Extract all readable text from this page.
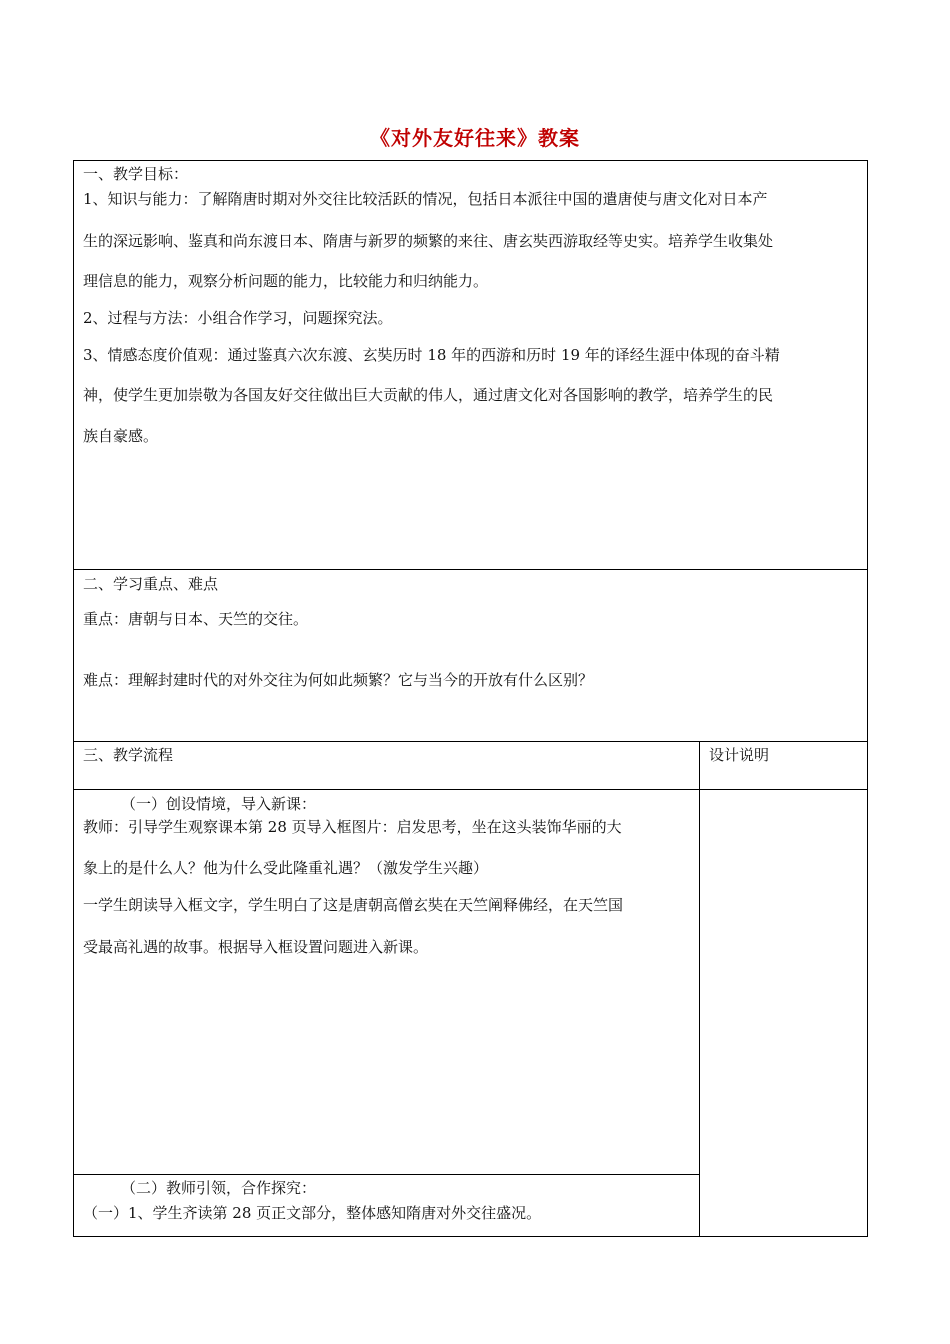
《对外友好往来》教案
一、教学目标：
1、知识与能力：了解隋唐时期对外交往比较活跃的情况，包括日本派往中国的遣唐使与唐文化对日本产
生的深远影响、鉴真和尚东渡日本、隋唐与新罗的频繁的来往、唐玄奘西游取经等史实。培养学生收集处
理信息的能力，观察分析问题的能力，比较能力和归纳能力。
2、过程与方法：小组合作学习，问题探究法。
3、情感态度价值观：通过鉴真六次东渡、玄奘历时 18 年的西游和历时 19 年的译经生涯中体现的奋斗精
神，使学生更加崇敬为各国友好交往做出巨大贡献的伟人，通过唐文化对各国影响的教学，培养学生的民
族自豪感。
二、学习重点、难点
重点：唐朝与日本、天竺的交往。
难点：理解封建时代的对外交往为何如此频繁？它与当今的开放有什么区别？
三、教学流程	设计说明
（一）创设情境，导入新课：
教师：引导学生观察课本第 28 页导入框图片：启发思考，坐在这头装饰华丽的大
象上的是什么人？他为什么受此隆重礼遇？（激发学生兴趣）
一学生朗读导入框文字，学生明白了这是唐朝高僧玄奘在天竺阐释佛经，在天竺国
受最高礼遇的故事。根据导入框设置问题进入新课。
（二）教师引领，合作探究：
（一）1、学生齐读第 28 页正文部分，整体感知隋唐对外交往盛况。
